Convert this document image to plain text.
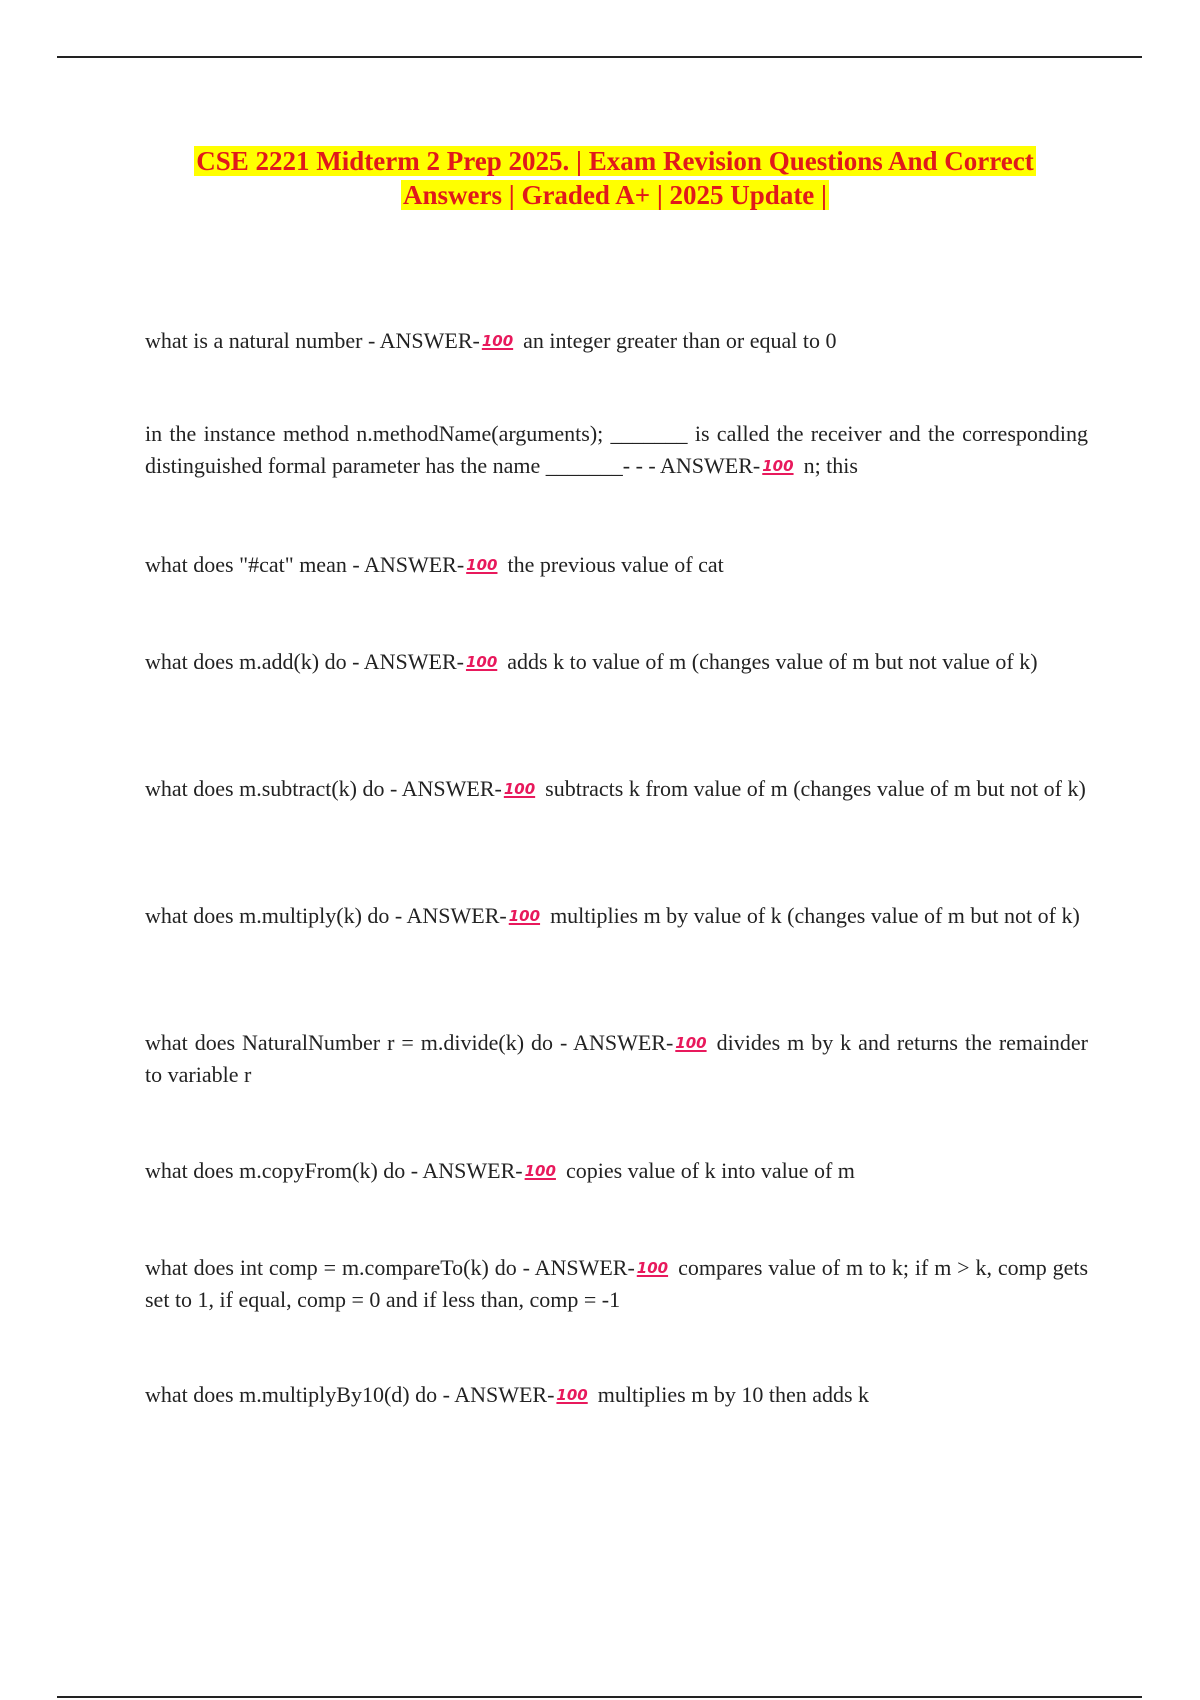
CSE 2221 Midterm 2 Prep 2025. | Exam Revision Questions And Correct
Answers | Graded A+ | 2025 Update |
what is a natural number - ANSWER- 100 an integer greater than or equal to 0
in the instance method n.methodName(arguments); _______ is called the receiver and the corresponding distinguished formal parameter has the name _______- - - ANSWER- 100 n; this
what does "#cat" mean - ANSWER- 100 the previous value of cat
what does m.add(k) do - ANSWER- 100 adds k to value of m (changes value of m but not value of k)
what does m.subtract(k) do - ANSWER- 100 subtracts k from value of m (changes value of m but not of k)
what does m.multiply(k) do - ANSWER- 100 multiplies m by value of k (changes value of m but not of k)
what does NaturalNumber r = m.divide(k) do - ANSWER- 100 divides m by k and returns the remainder to variable r
what does m.copyFrom(k) do - ANSWER- 100 copies value of k into value of m
what does int comp = m.compareTo(k) do - ANSWER- 100 compares value of m to k; if m > k, comp gets set to 1, if equal, comp = 0 and if less than, comp = -1
what does m.multiplyBy10(d) do - ANSWER- 100 multiplies m by 10 then adds k
